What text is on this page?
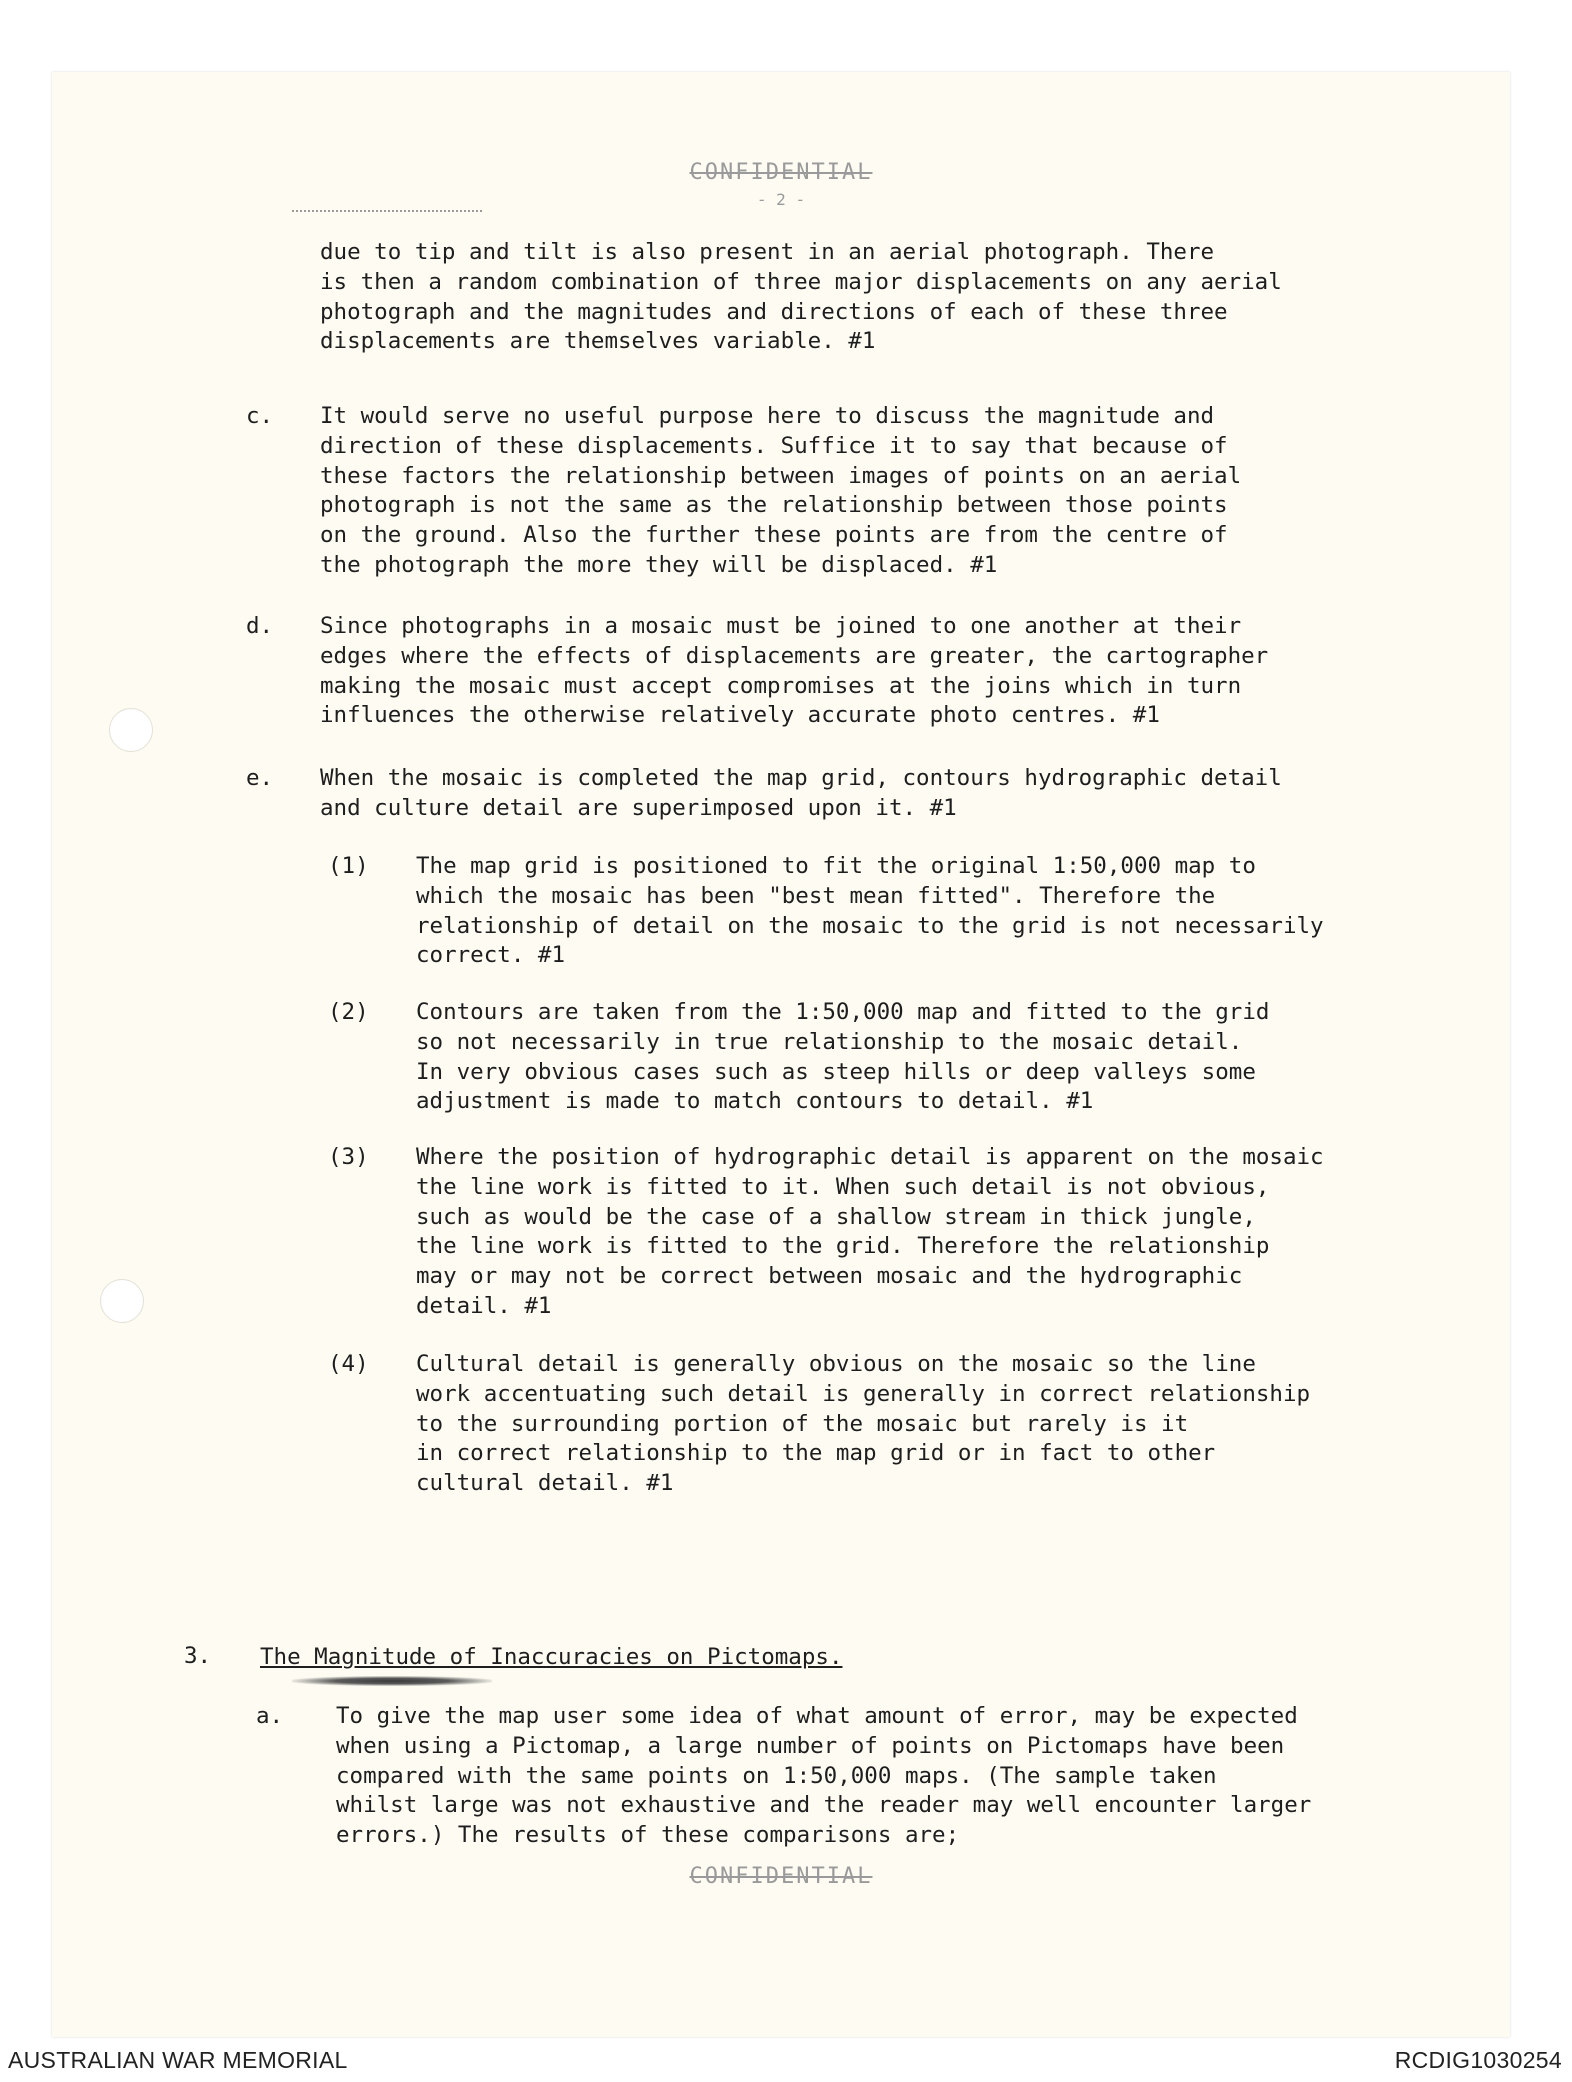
CONFIDENTIAL
- 2 -
due to tip and tilt is also present in an aerial photograph. There
is then a random combination of three major displacements on any aerial
photograph and the magnitudes and directions of each of these three
displacements are themselves variable. #1
c. It would serve no useful purpose here to discuss the magnitude and
direction of these displacements. Suffice it to say that because of
these factors the relationship between images of points on an aerial
photograph is not the same as the relationship between those points
on the ground. Also the further these points are from the centre of
the photograph the more they will be displaced. #1
d. Since photographs in a mosaic must be joined to one another at their
edges where the effects of displacements are greater, the cartographer
making the mosaic must accept compromises at the joins which in turn
influences the otherwise relatively accurate photo centres. #1
e. When the mosaic is completed the map grid, contours hydrographic detail
and culture detail are superimposed upon it. #1
(1) The map grid is positioned to fit the original 1:50,000 map to
which the mosaic has been "best mean fitted". Therefore the
relationship of detail on the mosaic to the grid is not necessarily
correct. #1
(2) Contours are taken from the 1:50,000 map and fitted to the grid
so not necessarily in true relationship to the mosaic detail.
In very obvious cases such as steep hills or deep valleys some
adjustment is made to match contours to detail. #1
(3) Where the position of hydrographic detail is apparent on the mosaic
the line work is fitted to it. When such detail is not obvious,
such as would be the case of a shallow stream in thick jungle,
the line work is fitted to the grid. Therefore the relationship
may or may not be correct between mosaic and the hydrographic
detail. #1
(4) Cultural detail is generally obvious on the mosaic so the line
work accentuating such detail is generally in correct relationship
to the surrounding portion of the mosaic but rarely is it
in correct relationship to the map grid or in fact to other
cultural detail. #1
3. The Magnitude of Inaccuracies on Pictomaps.
a. To give the map user some idea of what amount of error, may be expected
when using a Pictomap, a large number of points on Pictomaps have been
compared with the same points on 1:50,000 maps. (The sample taken
whilst large was not exhaustive and the reader may well encounter larger
errors.) The results of these comparisons are;
CONFIDENTIAL
AUSTRALIAN WAR MEMORIAL	RCDIG1030254
